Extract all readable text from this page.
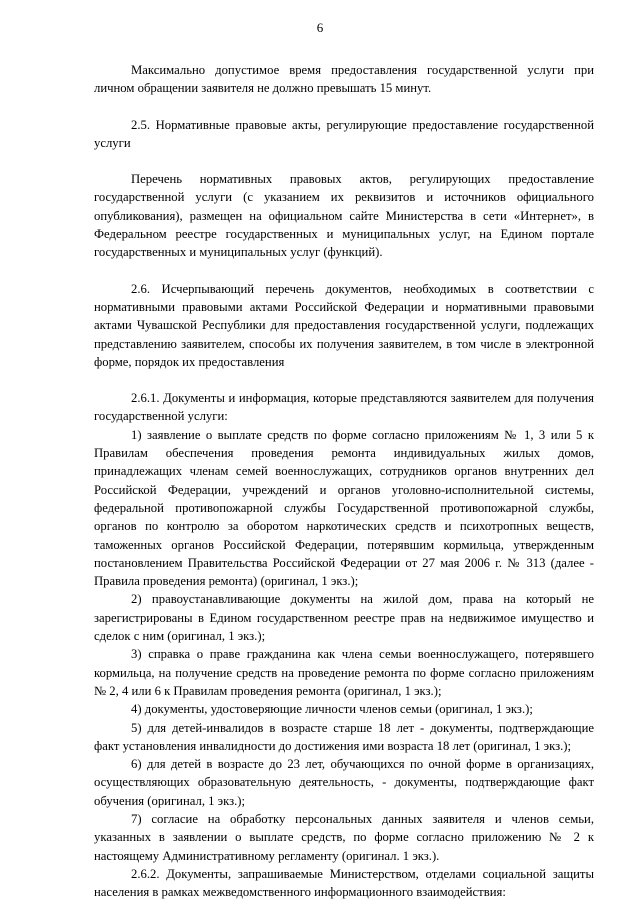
6

Максимально допустимое время предоставления государственной услуги при личном обращении заявителя не должно превышать 15 минут.

2.5. Нормативные правовые акты, регулирующие предоставление государственной услуги

Перечень нормативных правовых актов, регулирующих предоставление государственной услуги (с указанием их реквизитов и источников официального опубликования), размещен на официальном сайте Министерства в сети «Интернет», в Федеральном реестре государственных и муниципальных услуг, на Едином портале государственных и муниципальных услуг (функций).

2.6. Исчерпывающий перечень документов, необходимых в соответствии с нормативными правовыми актами Российской Федерации и нормативными правовыми актами Чувашской Республики для предоставления государственной услуги, подлежащих представлению заявителем, способы их получения заявителем, в том числе в электронной форме, порядок их предоставления

2.6.1. Документы и информация, которые представляются заявителем для получения государственной услуги:

1) заявление о выплате средств по форме согласно приложениям № 1, 3 или 5 к Правилам обеспечения проведения ремонта индивидуальных жилых домов, принадлежащих членам семей военнослужащих, сотрудников органов внутренних дел Российской Федерации, учреждений и органов уголовно-исполнительной системы, федеральной противопожарной службы Государственной противопожарной службы, органов по контролю за оборотом наркотических средств и психотропных веществ, таможенных органов Российской Федерации, потерявшим кормильца, утвержденным постановлением Правительства Российской Федерации от 27 мая 2006 г. № 313 (далее - Правила проведения ремонта) (оригинал, 1 экз.);

2) правоустанавливающие документы на жилой дом, права на который не зарегистрированы в Едином государственном реестре прав на недвижимое имущество и сделок с ним (оригинал, 1 экз.);

3) справка о праве гражданина как члена семьи военнослужащего, потерявшего кормильца, на получение средств на проведение ремонта по форме согласно приложениям № 2, 4 или 6 к Правилам проведения ремонта (оригинал, 1 экз.);

4) документы, удостоверяющие личности членов семьи (оригинал, 1 экз.);

5) для детей-инвалидов в возрасте старше 18 лет - документы, подтверждающие факт установления инвалидности до достижения ими возраста 18 лет (оригинал, 1 экз.);

6) для детей в возрасте до 23 лет, обучающихся по очной форме в организациях, осуществляющих образовательную деятельность, - документы, подтверждающие факт обучения (оригинал, 1 экз.);

7) согласие на обработку персональных данных заявителя и членов семьи, указанных в заявлении о выплате средств, по форме согласно приложению № 2 к настоящему Административному регламенту (оригинал. 1 экз.).

2.6.2. Документы, запрашиваемые Министерством, отделами социальной защиты населения в рамках межведомственного информационного взаимодействия:
